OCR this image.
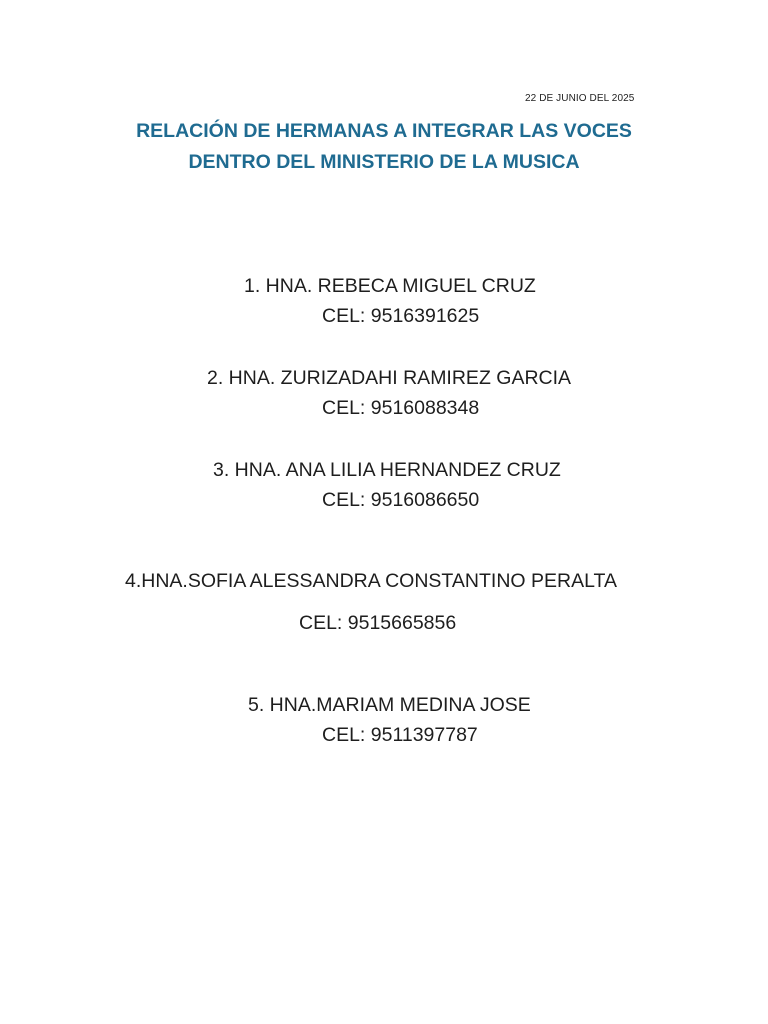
22 DE JUNIO DEL 2025
RELACIÓN DE HERMANAS A INTEGRAR LAS VOCES
DENTRO DEL MINISTERIO DE LA MUSICA
1. HNA. REBECA MIGUEL CRUZ
CEL: 9516391625
2. HNA. ZURIZADAHI RAMIREZ GARCIA
CEL: 9516088348
3. HNA. ANA LILIA HERNANDEZ CRUZ
CEL: 9516086650
4.HNA.SOFIA ALESSANDRA CONSTANTINO PERALTA
CEL: 9515665856
5. HNA.MARIAM MEDINA JOSE
CEL: 9511397787
